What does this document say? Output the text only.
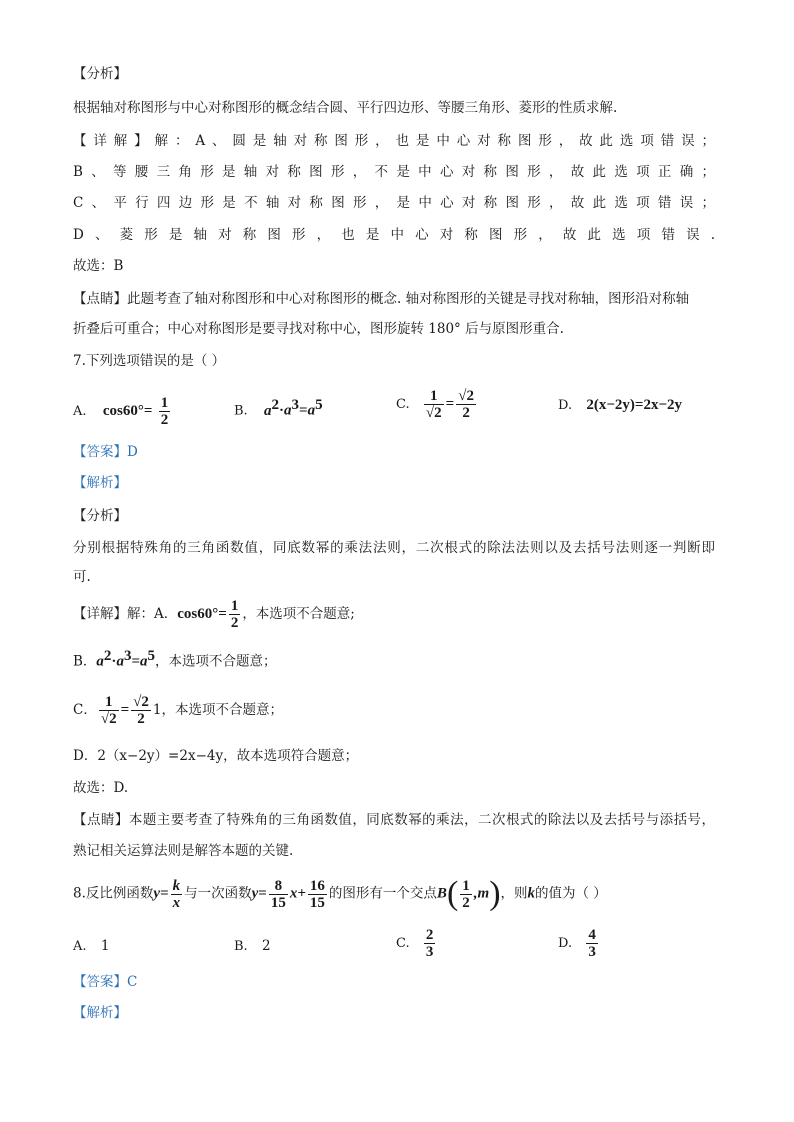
【分析】
根据轴对称图形与中心对称图形的概念结合圆、平行四边形、等腰三角形、菱形的性质求解.
【详解】解：A、圆是轴对称图形，也是中心对称图形，故此选项错误；
B、等腰三角形是轴对称图形，不是中心对称图形，故此选项正确；
C、平行四边形是不轴对称图形，是中心对称图形，故此选项错误；
D、菱形是轴对称图形，也是中心对称图形，故此选项错误.
故选：B
【点睛】此题考查了轴对称图形和中心对称图形的概念. 轴对称图形的关键是寻找对称轴，图形沿对称轴
折叠后可重合；中心对称图形是要寻找对称中心，图形旋转 180° 后与原图形重合.
7.下列选项错误的是（ ）
A. $\cos 60^\circ= \frac{1}{2}$	B. $a^2\cdot a^3=a^5$	C. $\frac{1}{√2} = \frac{√2}{2}$	D. 2(x−2y)=2x−2y
【答案】D
【解析】
【分析】
分别根据特殊角的三角函数值，同底数幂的乘法法则，二次根式的除法法则以及去括号法则逐一判断即
可.
【详解】解：A．$\cos 60^\circ= \frac{1}{2}$ ，本选项不合题意;
B．$a^2\cdot a^3=a^5$，本选项不合题意；
C． $\frac{1}{√2} = \frac{√2}{2} 1$，本选项不合题意；
D．2（x−2y）=2x−4y，故本选项符合题意；
故选：D.
【点睛】本题主要考查了特殊角的三角函数值，同底数幂的乘法，二次根式的除法以及去括号与添括号，
熟记相关运算法则是解答本题的关键.
8.反比例函数$y= \frac{k}{x}$ 与一次函数$y= \frac{8}{15} x+ \frac{16}{15}$ 的图形有一个交点$B( \frac{1}{2} ,m)$，则k的值为（ ）
A. 1	B. 2	C. $\frac{2}{3}$	D. $\frac{4}{3}$
【答案】C
【解析】
